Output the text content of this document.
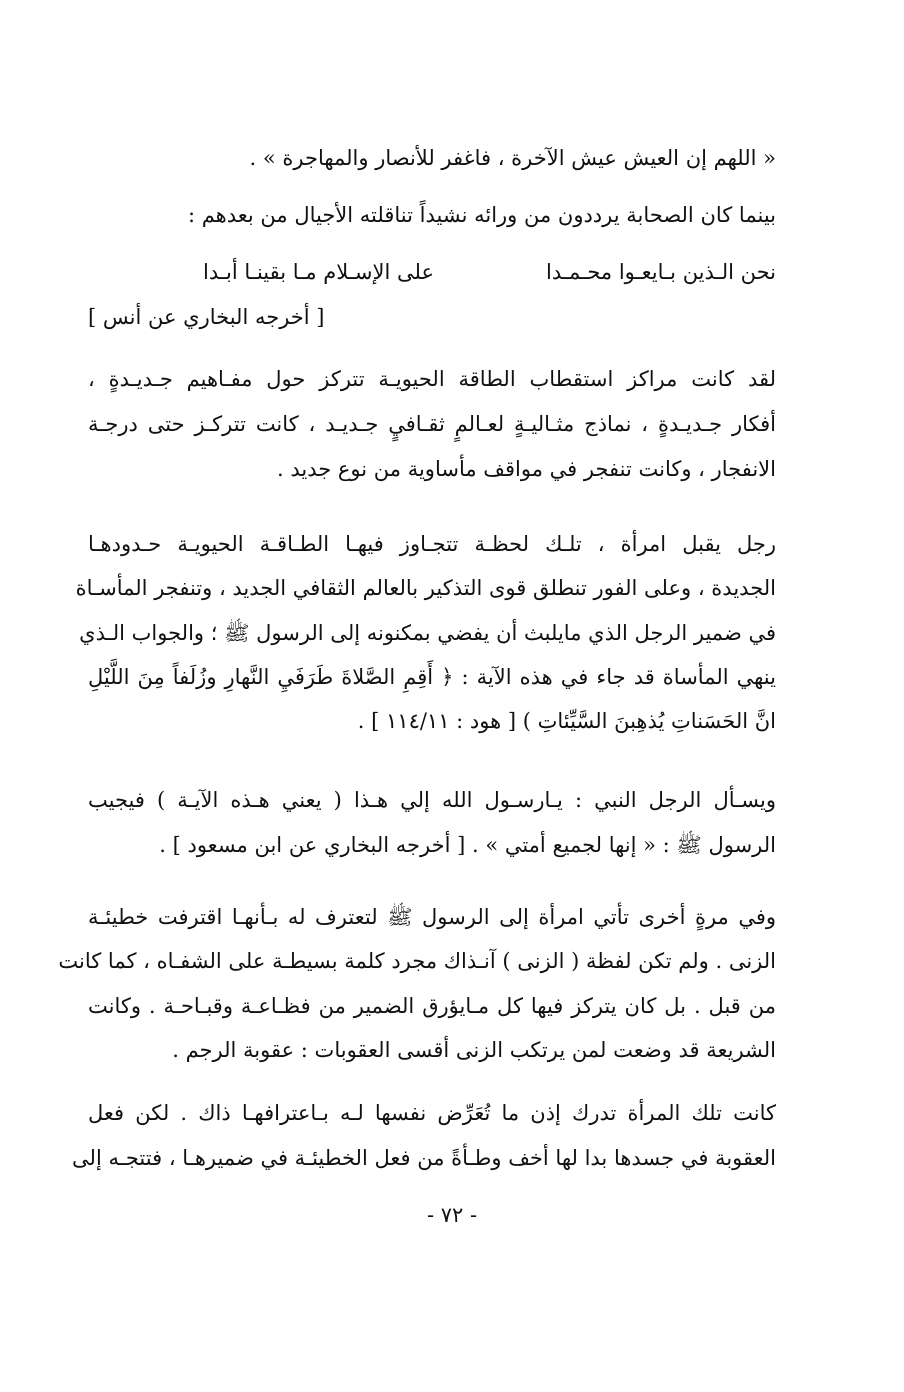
« اللهم إن العيش عيش الآخرة ، فاغفر للأنصار والمهاجرة » .
بينما كان الصحابة يرددون من ورائه نشيداً تناقلته الأجيال من بعدهم :
نحن الـذين بـايعـوا محـمـدا
على الإسـلام مـا بقينـا أبـدا
[ أخرجه البخاري عن أنس ]
لقد كانت مراكز استقطاب الطاقة الحيويـة تتركز حول مفـاهيم جـديـدةٍ ،
أفكار جـديـدةٍ ، نماذج مثـاليـةٍ لعـالمٍ ثقـافيٍ جـديـد ، كانت تتركـز حتى درجـة
الانفجار ، وكانت تنفجر في مواقف مأساوية من نوع جديد .
رجل يقبل امرأة ، تلـك لحظـة تتجـاوز فيهـا الطـاقـة الحيويـة حـدودهـا
الجديدة ، وعلى الفور تنطلق قوى التذكير بالعالم الثقافي الجديد ، وتنفجر المأسـاة
في ضمير الرجل الذي مايلبث أن يفضي بمكنونه إلى الرسول ﷺ ؛ والجواب الـذي
ينهي المأساة قد جاء في هذه الآية : ﴿ أَقِمِ الصَّلاةَ طَرَفَيِ النَّهارِ وزُلَفاً مِنَ اللَّيْلِ
انَّ الحَسَناتِ يُذهِبنَ السَّيِّئاتِ ) [ هود : ١١٤/١١ ] .
ويسـأل الرجل النبي : يـارسـول الله إلي هـذا ( يعني هـذه الآيـة ) فيجيب
الرسول ﷺ : « إنها لجميع أمتي » . [ أخرجه البخاري عن ابن مسعود ] .
وفي مرةٍ أخرى تأتي امرأة إلى الرسول ﷺ لتعترف له بـأنهـا اقترفت خطيئـة
الزنى . ولم تكن لفظة ( الزنى ) آنـذاك مجرد كلمة بسيطـة على الشفـاه ، كما كانت
من قبل . بل كان يتركز فيها كل مـايؤرق الضمير من فظـاعـة وقبـاحـة . وكانت
الشريعة قد وضعت لمن يرتكب الزنى أقسى العقوبات : عقوبة الرجم .
كانت تلك المرأة تدرك إذن ما تُعَرِّض نفسها لـه بـاعترافهـا ذاك . لكن فعل
العقوبة في جسدها بدا لها أخف وطـأةً من فعل الخطيئـة في ضميرهـا ، فتتجـه إلى
- ٧٢ -
